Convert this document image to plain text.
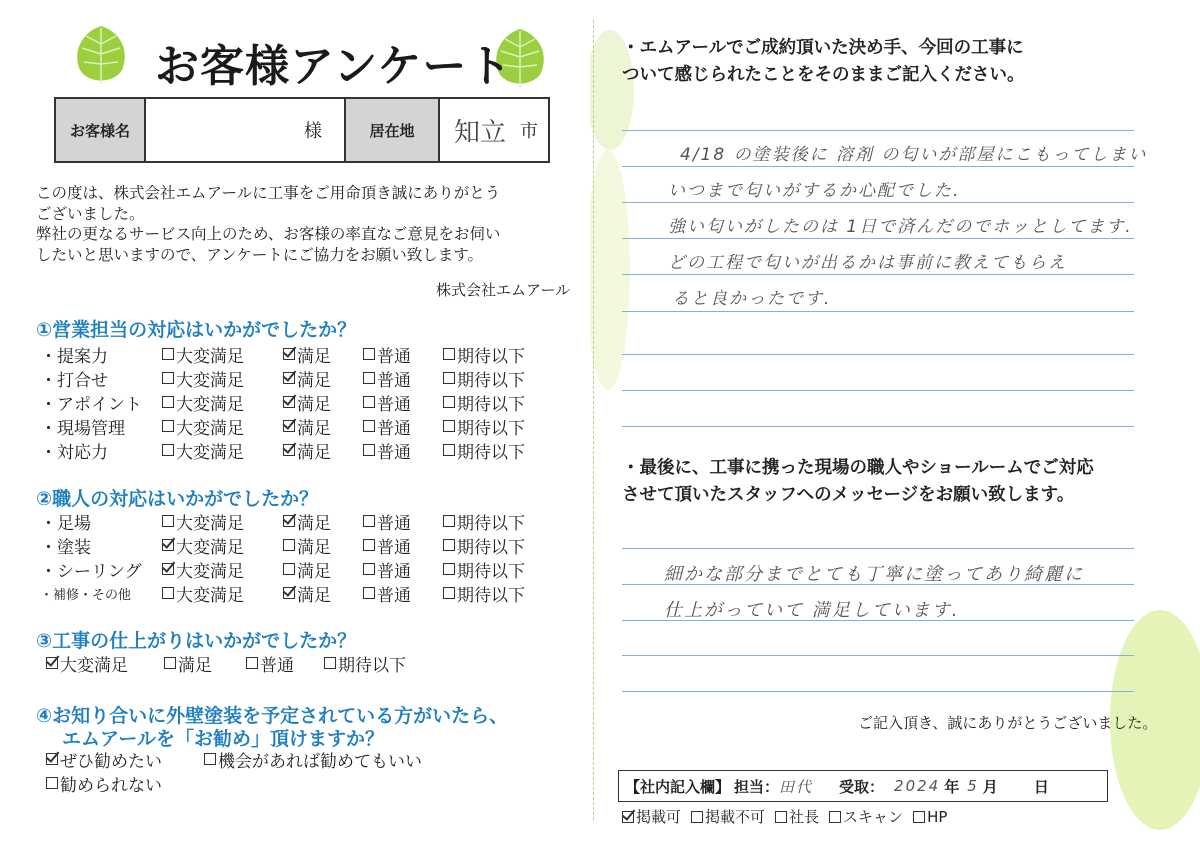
お客様アンケート
お客様名	様	居在地	知立 市
この度は、株式会社エムアールに工事をご用命頂き誠にありがとう
ございました。
弊社の更なるサービス向上のため、お客様の率直なご意見をお伺い
したいと思いますので、アンケートにご協力をお願い致します。
株式会社エムアール
①営業担当の対応はいかがでしたか？
・提案力	大変満足	満足	普通	期待以下
・打合せ	大変満足	満足	普通	期待以下
・アポイント	大変満足	満足	普通	期待以下
・現場管理	大変満足	満足	普通	期待以下
・対応力	大変満足	満足	普通	期待以下
②職人の対応はいかがでしたか？
・足場	大変満足	満足	普通	期待以下
・塗装	大変満足	満足	普通	期待以下
・シーリング	大変満足	満足	普通	期待以下
・補修・その他	大変満足	満足	普通	期待以下
③工事の仕上がりはいかがでしたか？
大変満足	満足	普通	期待以下
④お知り合いに外壁塗装を予定されている方がいたら、
エムアールを「お勧め」頂けますか？
ぜひ勧めたい	機会があれば勧めてもいい
勧められない
・エムアールでご成約頂いた決め手、今回の工事に
ついて感じられたことをそのままご記入ください。
4/18 の塗装後に 溶剤 の匂いが部屋にこもってしまい
いつまで匂いがするか心配でした.
強い匂いがしたのは 1日で済んだのでホッとしてます.
どの工程で匂いが出るかは事前に教えてもらえ
ると良かったです.
・最後に、工事に携った現場の職人やショールームでご対応
させて頂いたスタッフへのメッセージをお願い致します。
細かな部分までとても丁寧に塗ってあり綺麗に
仕上がっていて 満足しています.
ご記入頂き、誠にありがとうございました。
【社内記入欄】 担当： 田代	受取： 2024 年 5 月 日
掲載可 掲載不可 社長 スキャン HP
